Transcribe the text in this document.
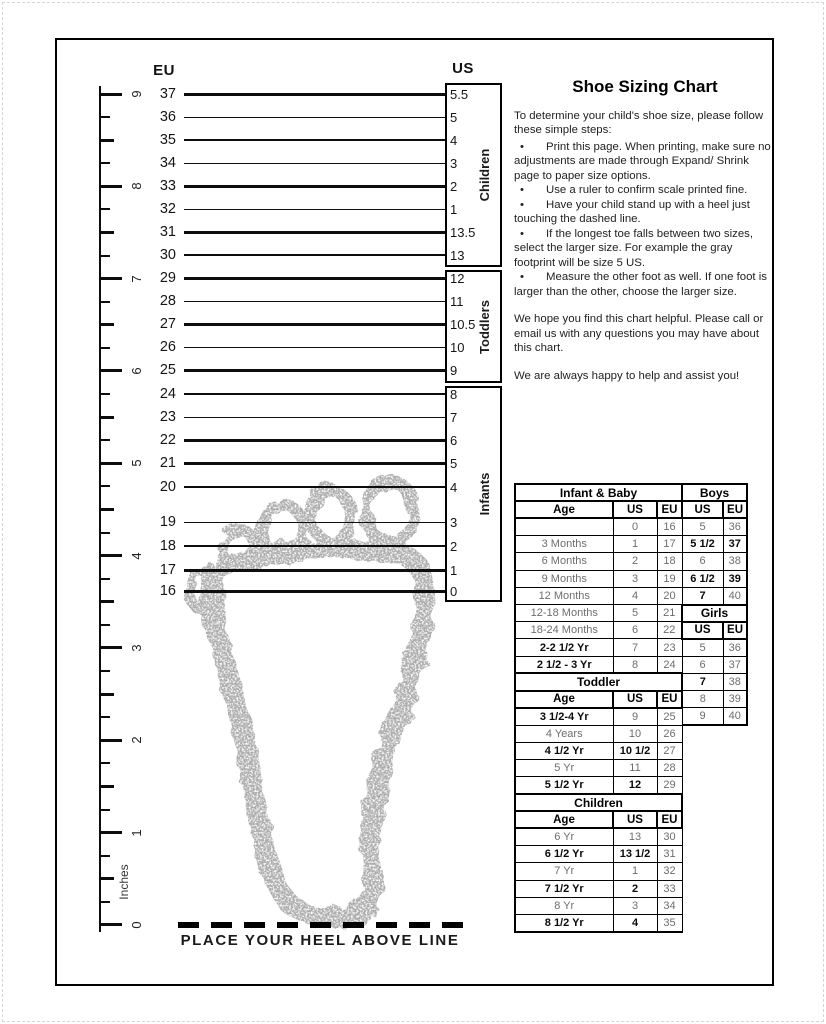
EU	US
37	5.5
36	5
35	4
34	3
33	2
32	1
31	13.5
30	13
29	12
28	11
27	10.5
26	10
25	9
24	8
23	7
22	6
21	5
20	4
19	3
18	2
17	1
16	0
Children
Toddlers
Infants
9
8
7
6
5
4
3
2
1
0
Inches
PLACE YOUR HEEL ABOVE LINE
Shoe Sizing Chart

To determine your child's shoe size, please follow these simple steps:

• Print this page. When printing, make sure no adjustments are made through Expand/ Shrink page to paper size options.
• Use a ruler to confirm scale printed fine.
• Have your child stand up with a heel just touching the dashed line.
• If the longest toe falls between two sizes, select the larger size. For example the gray footprint will be size 5 US.
• Measure the other foot as well. If one foot is larger than the other, choose the larger size.

We hope you find this chart helpful. Please call or email us with any questions you may have about this chart.

We are always happy to help and assist you!

Infant & Baby			Boys	
Age	US	EU	US	EU
	0	16	5	36
3 Months	1	17	5 1/2	37
6 Months	2	18	6	38
9 Months	3	19	6 1/2	39
12 Months	4	20	7	40
12-18 Months	5	21	Girls	
18-24 Months	6	22	US	EU
2-2 1/2 Yr	7	23	5	36
2 1/2 - 3 Yr	8	24	6	37
Toddler			7	38
Age	US	EU	8	39
3 1/2-4 Yr	9	25	9	40
4 Years	10	26		
4 1/2 Yr	10 1/2	27		
5 Yr	11	28		
5 1/2 Yr	12	29		
Children				
Age	US	EU		
6 Yr	13	30		
6 1/2 Yr	13 1/2	31		
7 Yr	1	32		
7 1/2 Yr	2	33		
8 Yr	3	34		
8 1/2 Yr	4	35		
